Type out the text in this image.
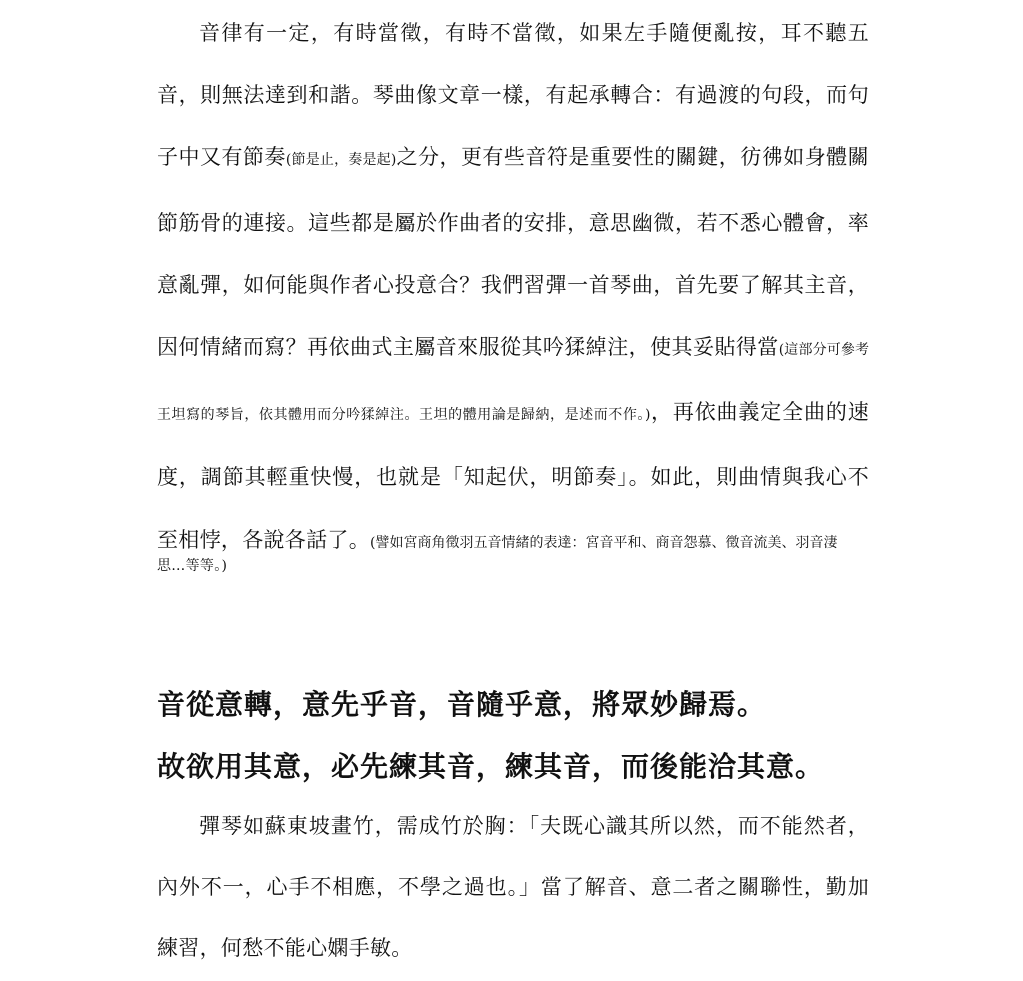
音律有一定，有時當徵，有時不當徵，如果左手隨便亂按，耳不聽五音，則無法達到和諧。琴曲像文章一樣，有起承轉合：有過渡的句段，而句子中又有節奏(節是止，奏是起)之分，更有些音符是重要性的關鍵，彷彿如身體關節筋骨的連接。這些都是屬於作曲者的安排，意思幽微，若不悉心體會，率意亂彈，如何能與作者心投意合？我們習彈一首琴曲，首先要了解其主音，因何情緒而寫？再依曲式主屬音來服從其吟猱綽注，使其妥貼得當(這部分可參考王坦寫的琴旨，依其體用而分吟猱綽注。王坦的體用論是歸納，是述而不作。)，再依曲義定全曲的速度，調節其輕重快慢，也就是「知起伏，明節奏」。如此，則曲情與我心不至相悖，各說各話了。(譬如宮商角徵羽五音情緒的表達：宮音平和、商音怨慕、徵音流美、羽音淒
思…等等。)

音從意轉，意先乎音，音隨乎意，將眾妙歸焉。
故欲用其意，必先練其音，練其音，而後能洽其意。

彈琴如蘇東坡畫竹，需成竹於胸：「夫既心識其所以然，而不能然者，內外不一，心手不相應，不學之過也。」當了解音、意二者之關聯性，勤加練習，何愁不能心嫻手敏。
